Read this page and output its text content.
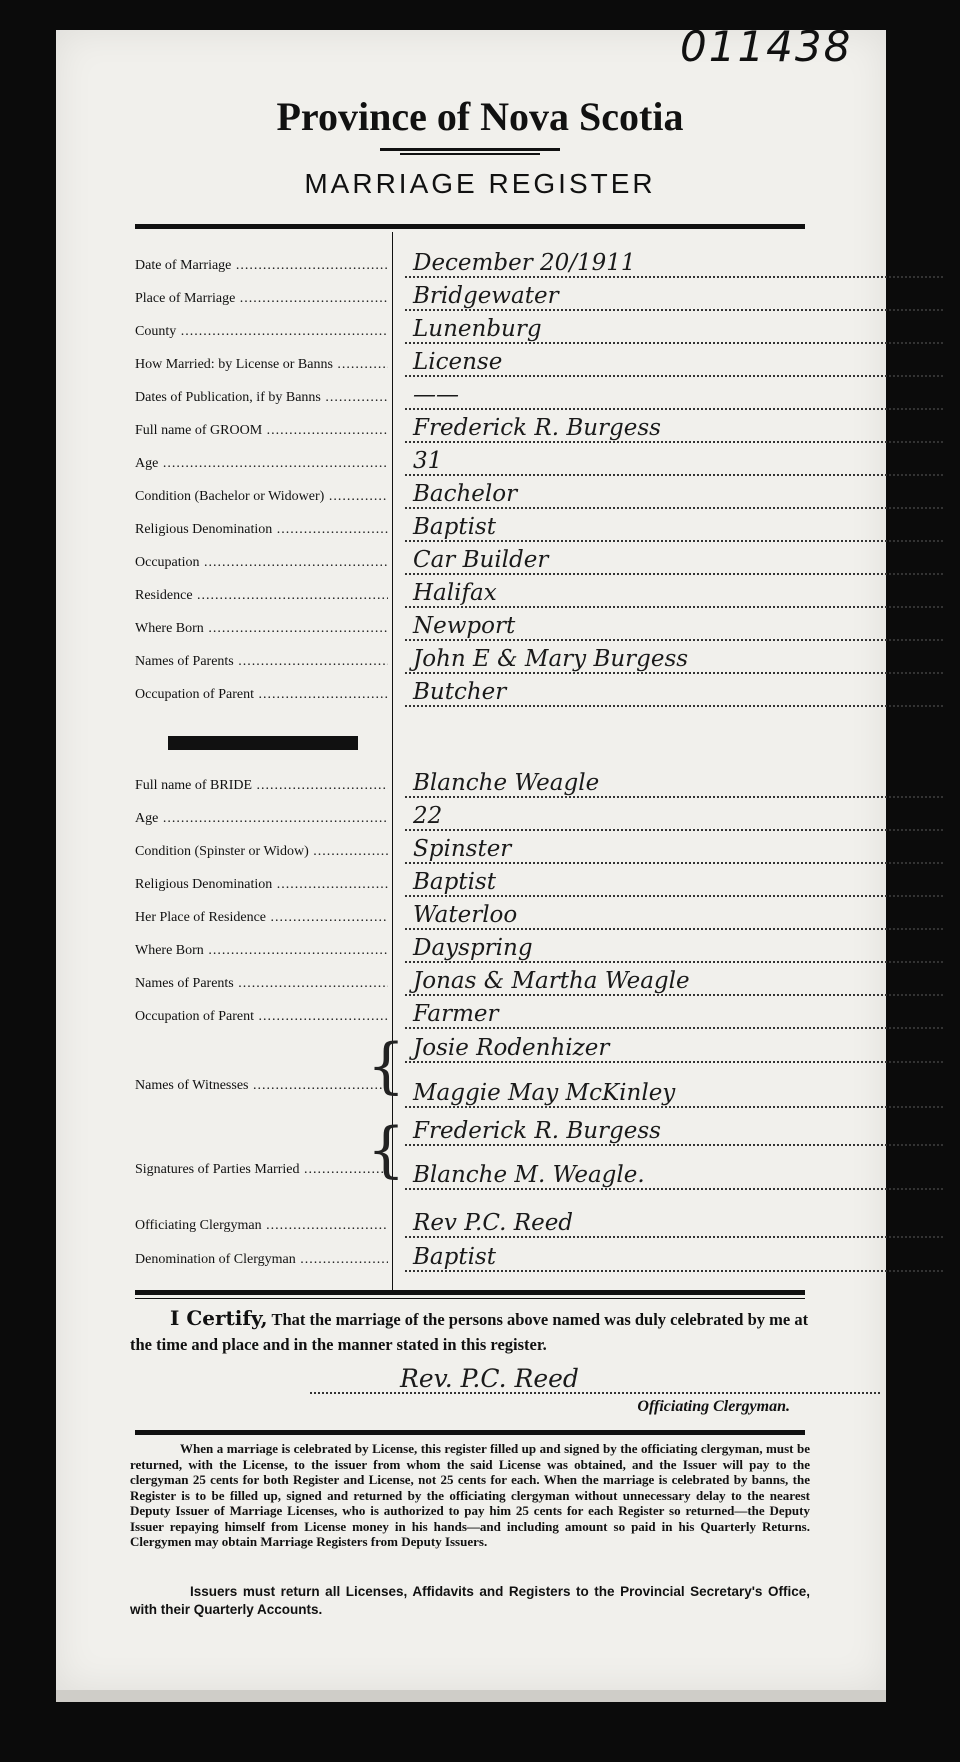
011438
Province of Nova Scotia
MARRIAGE REGISTER
Date of Marriage .....	December 20/1911
Place of Marriage .....	Bridgewater
County .....	Lunenburg
How Married: by License or Banns .....	License
Dates of Publication, if by Banns .....	——
Full name of GROOM .....	Frederick R. Burgess
Age .....	31
Condition (Bachelor or Widower) .....	Bachelor
Religious Denomination .....	Baptist
Occupation .....	Car Builder
Residence .....	Halifax
Where Born .....	Newport
Names of Parents .....	John E & Mary Burgess
Occupation of Parent .....	Butcher
Full name of BRIDE .....	Blanche Weagle
Age .....	22
Condition (Spinster or Widow) .....	Spinster
Religious Denomination .....	Baptist
Her Place of Residence .....	Waterloo
Where Born .....	Dayspring
Names of Parents .....	Jonas & Martha Weagle
Occupation of Parent .....	Farmer
Names of Witnesses .....	{ Josie Rodenhizer
Maggie May McKinley
Signatures of Parties Married .....	{ Frederick R. Burgess
Blanche M. Weagle.
Officiating Clergyman .....	Rev P.C. Reed
Denomination of Clergyman .....	Baptist
I Certify, That the marriage of the persons above named was duly celebrated by me at the time and place and in the manner stated in this register.
Rev. P.C. Reed
Officiating Clergyman.
When a marriage is celebrated by License, this register filled up and signed by the officiating clergyman, must be returned, with the License, to the issuer from whom the said License was obtained, and the Issuer will pay to the clergyman 25 cents for both Register and License, not 25 cents for each. When the marriage is celebrated by banns, the Register is to be filled up, signed and returned by the officiating clergyman without unnecessary delay to the nearest Deputy Issuer of Marriage Licenses, who is authorized to pay him 25 cents for each Register so returned—the Deputy Issuer repaying himself from License money in his hands—and including amount so paid in his Quarterly Returns. Clergymen may obtain Marriage Registers from Deputy Issuers.
Issuers must return all Licenses, Affidavits and Registers to the Provincial Secretary's Office, with their Quarterly Accounts.
